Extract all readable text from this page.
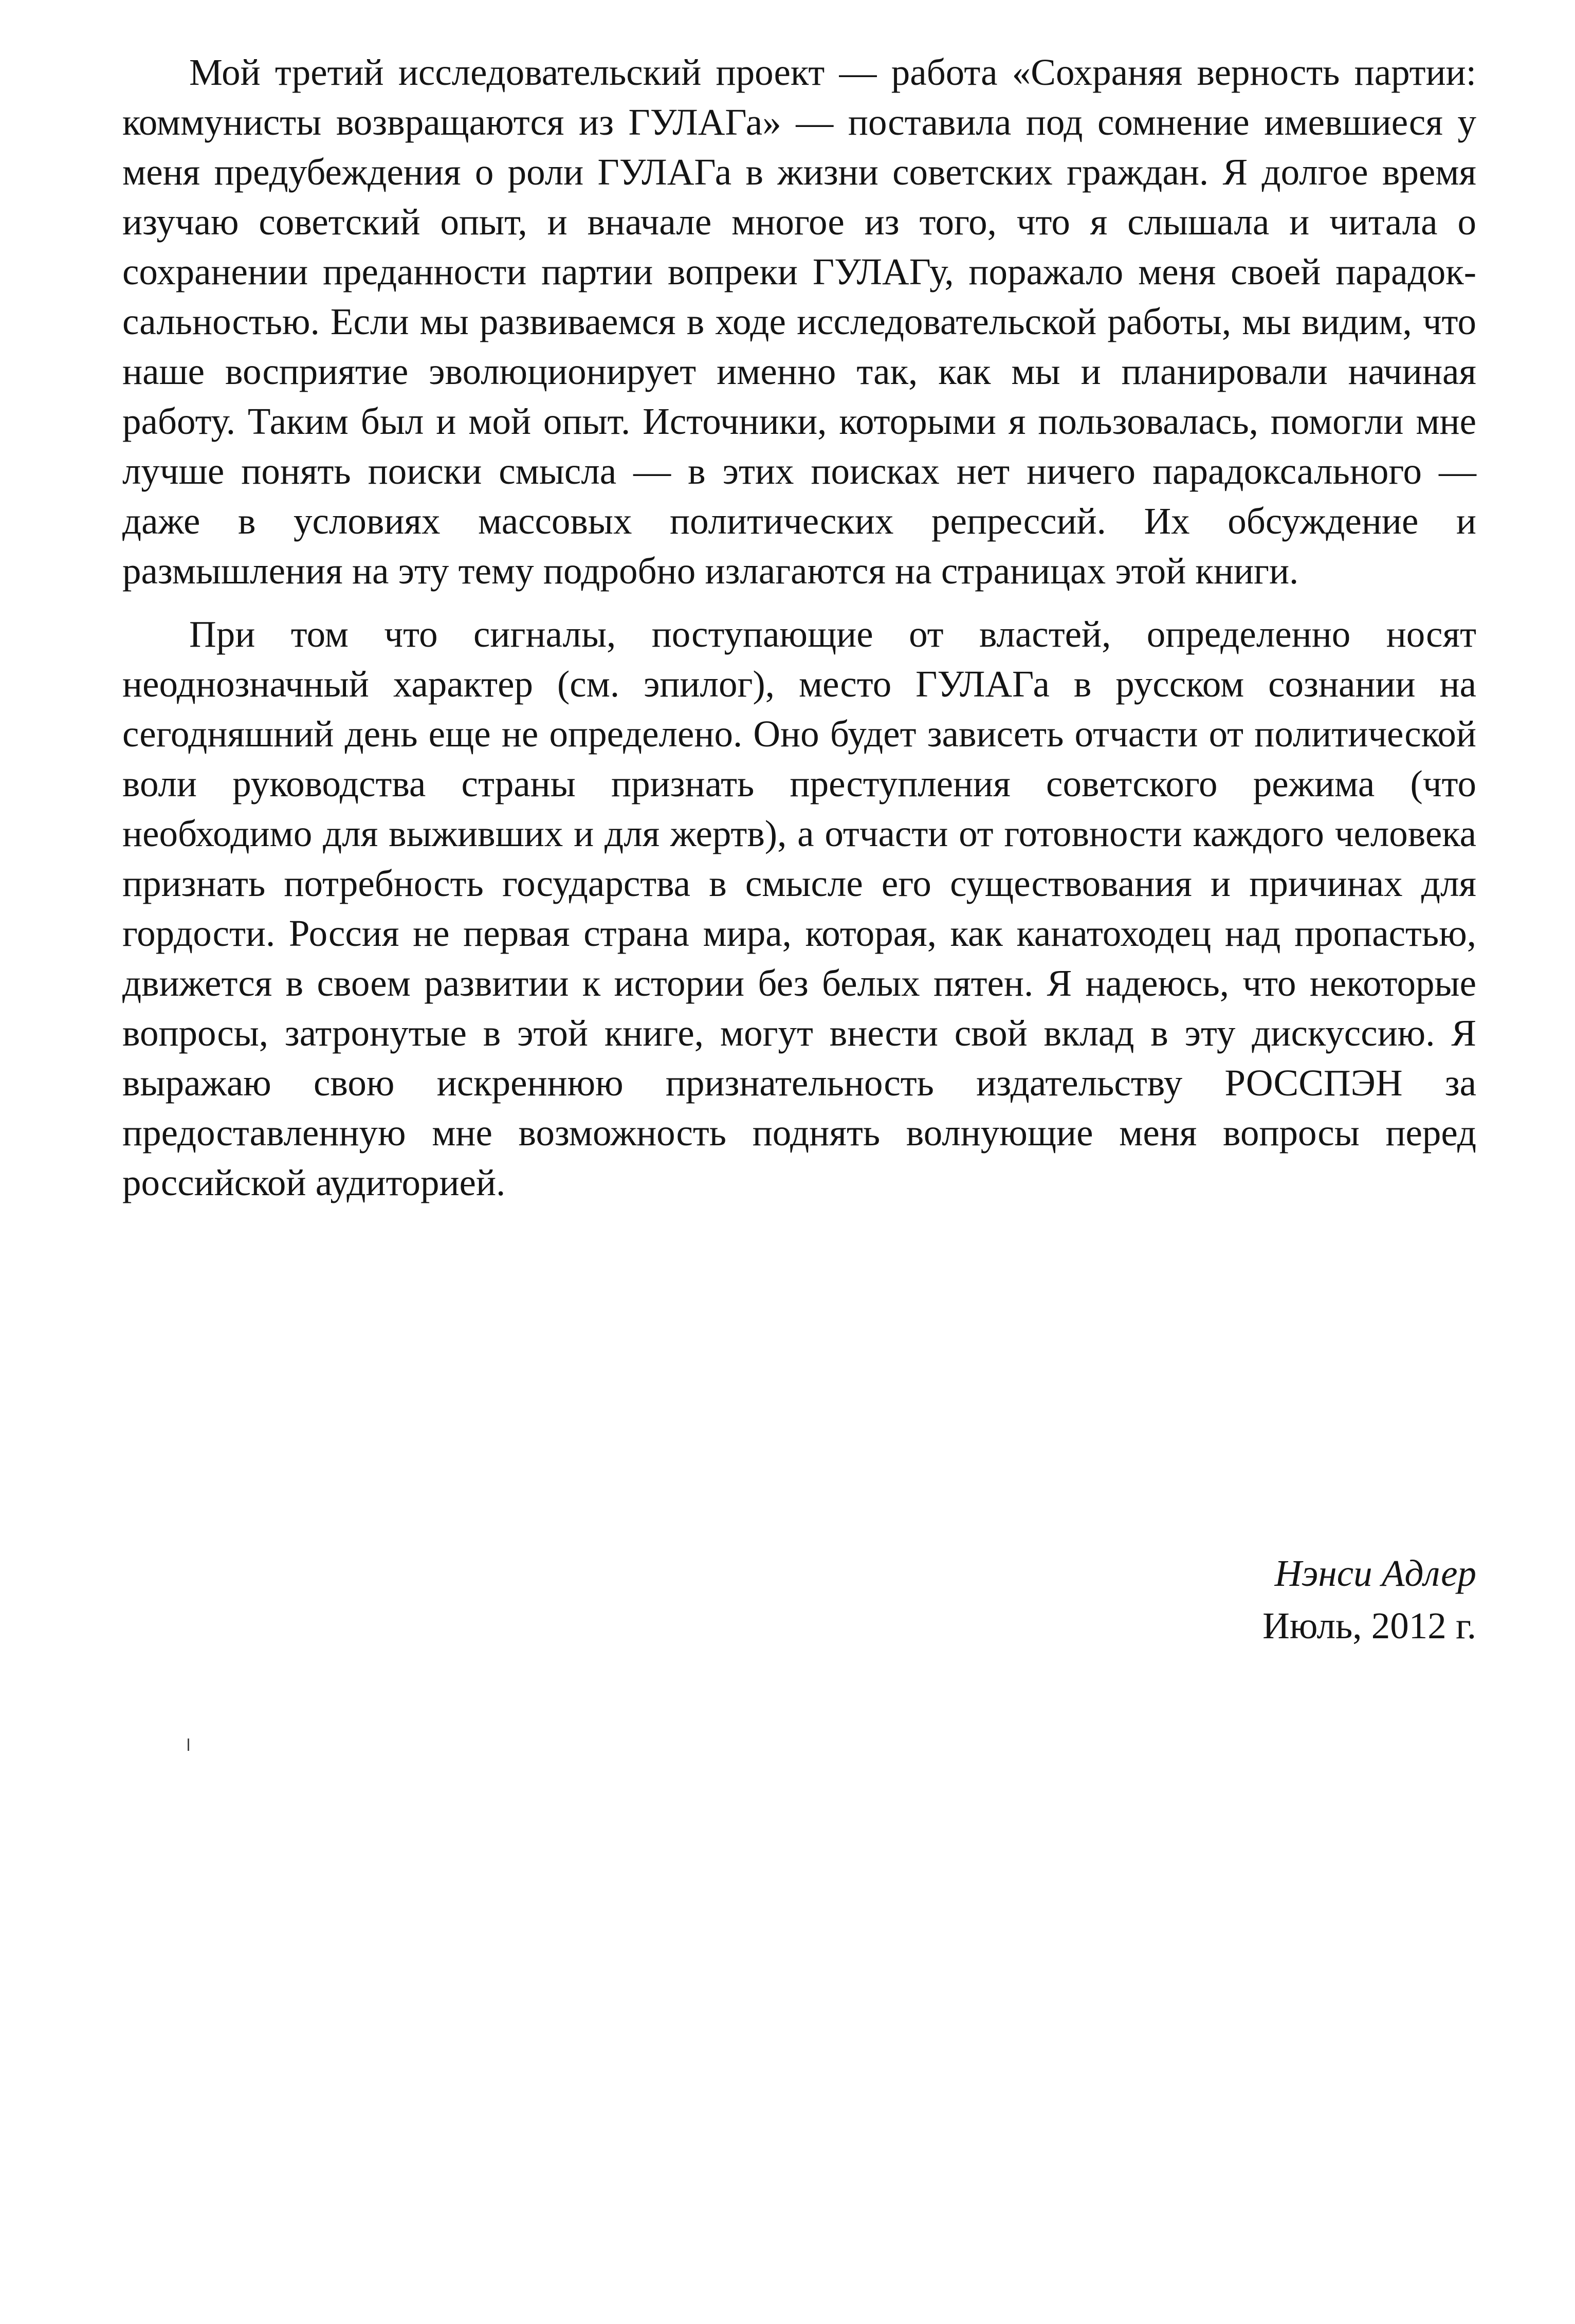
Мой третий исследовательский проект — работа «Сохраняя верность партии: коммунисты возвращаются из ГУЛАГа» — поставила под сомнение имевшиеся у меня предубеждения о роли ГУЛАГа в жизни советских граждан. Я долгое время изучаю советский опыт, и вначале многое из того, что я слышала и читала о сохранении преданности партии вопреки ГУЛАГу, поражало меня своей парадоксальностью. Если мы развиваемся в ходе исследовательской работы, мы видим, что наше восприятие эволюционирует именно так, как мы и планировали начиная работу. Таким был и мой опыт. Источники, которыми я пользовалась, помогли мне лучше понять поиски смысла — в этих поисках нет ничего парадоксального — даже в условиях массовых политических репрессий. Их обсуждение и размышления на эту тему подробно излагаются на страницах этой книги.

При том что сигналы, поступающие от властей, определенно носят неоднозначный характер (см. эпилог), место ГУЛАГа в русском сознании на сегодняшний день еще не определено. Оно будет зависеть отчасти от политической воли руководства страны признать преступления советского режима (что необходимо для выживших и для жертв), а отчасти от готовности каждого человека признать потребность государства в смысле его существования и причинах для гордости. Россия не первая страна мира, которая, как канатоходец над пропастью, движется в своем развитии к истории без белых пятен. Я надеюсь, что некоторые вопросы, затронутые в этой книге, могут внести свой вклад в эту дискуссию. Я выражаю свою искреннюю признательность издательству РОССПЭН за предоставленную мне возможность поднять волнующие меня вопросы перед российской аудиторией.

Нэнси Адлер
Июль, 2012 г.
